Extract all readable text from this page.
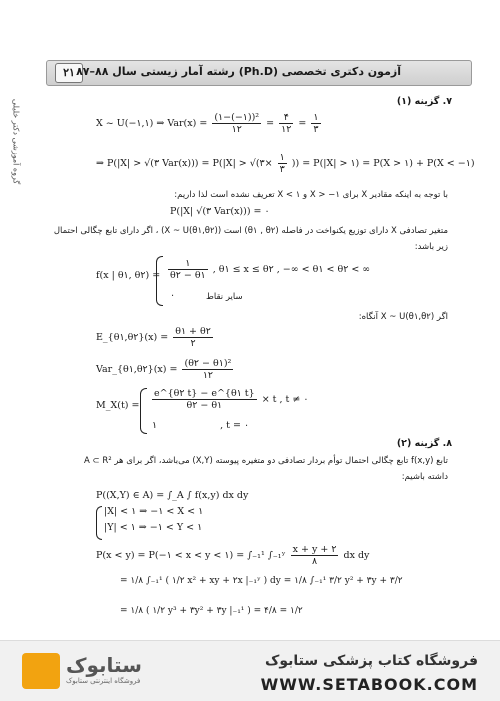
۲۱ آزمون دکتری تخصصی (Ph.D) رشته آمار زیستی سال ۸۸–۸۷
گروه آموزشی دکتر خلیلی	۷. گزینه (۱)
X ~ U(−۱,۱) ⇒ $Var(x) = \frac{\text{(۱−(−۱))²}}{۱۲} = \frac{۴}{۱۲} = \frac{۱}{۳}$
⇒ P(|X| > √(۳ Var(x))) = P(|X| > √(۳× $\frac{۱}{۳}$ )) = P(|X| > ۱) = P(X > ۱) + P(X < −۱)
با توجه به اینکه مقادیر X برای ۱− < X و ۱ > X تعریف نشده است لذا داریم:
P(|X| √(۳ Var(x))) = ۰
متغیر تصادفی X دارای توزیع یکنواخت در فاصله (θ۱ , θ۲) است (X ~ U(θ۱,θ۲)) ، اگر دارای تابع چگالی احتمال
زیر باشد:
f(x | θ۱, θ۲) = $\frac{۱}{\theta ۲ - \theta ۱}$ , θ۱ ≤ x ≤ θ۲ , −∞ < θ۱ < θ۲ < ∞
۰	سایر نقاط
اگر (X ~ U(θ۱,θ۲ آنگاه:
E_{θ۱,θ۲}(x) = $\frac{\theta ۱ + \theta ۲}{۲}$
Var_{θ۱,θ۲}(x) = $\frac{\text{(θ۲ − θ۱)²}}{۱۲}$
M_X(t) = $\frac{e\^{}\{\theta ۲ t\} - e\^{}\{\theta ۱ t\}}{\theta ۲ - \theta ۱} \times t$ , t ≠ ۰
۱	, t = ۰
۸. گزینه (۲)
تابع f(x,y) تابع چگالی احتمال توأم بردار تصادفی دو متغیره پیوسته (X,Y) می‌باشد، اگر برای هر A ⊂ R²
داشته باشیم:
P((X,Y) ∈ A) = ∫_A ∫ f(x,y) dx dy
|X| < ۱ ⇒ −۱ < X < ۱
|Y| < ۱ ⇒ −۱ < Y < ۱
P(x < y) = P(−۱ < x < y < ۱) = ∫₋₁¹ ∫₋₁ʸ $\frac{x + y + ۲}{۸}$ dx dy
= ۱/۸ ∫₋₁¹ ( ۱/۲ x² + xy + ۲x |₋₁ʸ ) dy = ۱/۸ ∫₋₁¹ ۳/۲ y² + ۳y + ۳/۲
= ۱/۸ ( ۱/۲ y³ + ۳y² + ۳y |₋₁¹ ) = ۴/۸ = ۱/۲
ستابوک
فروشگاه اینترنتی ستابوک
فروشگاه کتاب پزشکی ستابوک
WWW.SETABOOK.COM
